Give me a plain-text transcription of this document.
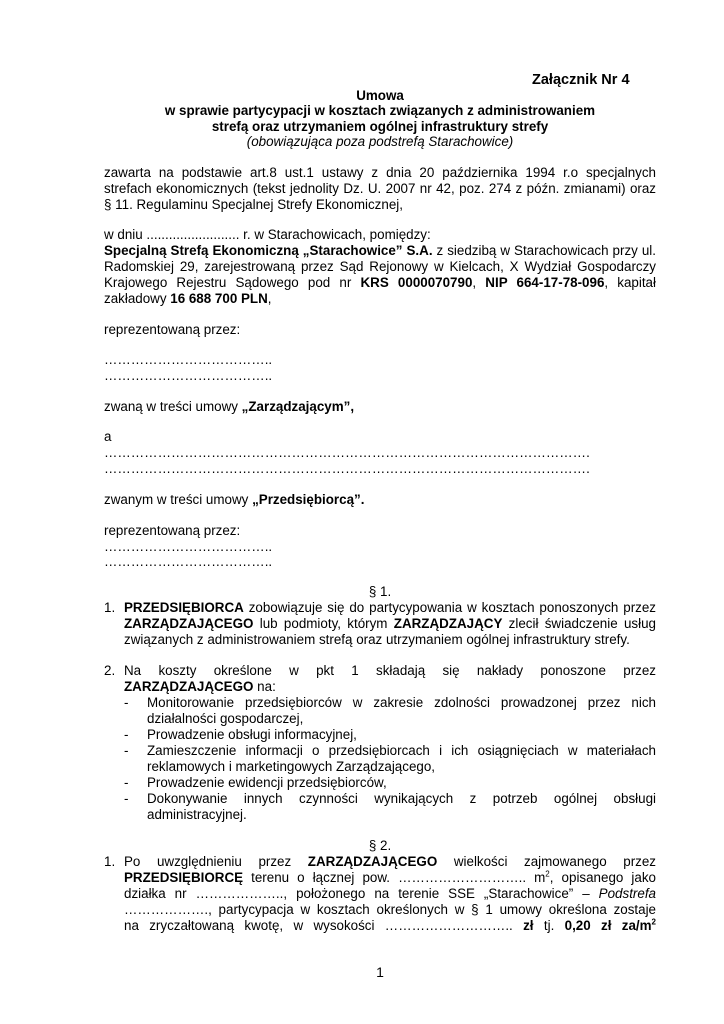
Załącznik Nr 4
Umowa
w sprawie partycypacji w kosztach związanych z administrowaniem
strefą oraz utrzymaniem ogólnej infrastruktury strefy
(obowiązująca poza podstrefą Starachowice)
zawarta na podstawie art.8 ust.1 ustawy z dnia 20 października 1994 r.o specjalnych
strefach ekonomicznych (tekst jednolity Dz. U. 2007 nr 42, poz. 274 z późn. zmianami) oraz
§ 11. Regulaminu Specjalnej Strefy Ekonomicznej,
w dniu ......................... r. w Starachowicach, pomiędzy:
Specjalną Strefą Ekonomiczną „Starachowice” S.A. z siedzibą w Starachowicach przy ul.
Radomskiej 29, zarejestrowaną przez Sąd Rejonowy w Kielcach, X Wydział Gospodarczy
Krajowego Rejestru Sądowego pod nr KRS 0000070790, NIP 664-17-78-096, kapitał
zakładowy 16 688 700 PLN,
reprezentowaną przez:
………………………………..
………………………………..
zwaną w treści umowy „Zarządzającym”,
a
……………………………………………………………………………………………….
……………………………………………………………………………………………….
zwanym w treści umowy „Przedsiębiorcą”.
reprezentowaną przez:
………………………………..
………………………………..
§ 1.
1. PRZEDSIĘBIORCA zobowiązuje się do partycypowania w kosztach ponoszonych przez
ZARZĄDZAJĄCEGO lub podmioty, którym ZARZĄDZAJĄCY zlecił świadczenie usług
związanych z administrowaniem strefą oraz utrzymaniem ogólnej infrastruktury strefy.
2. Na koszty określone w pkt 1 składają się nakłady ponoszone przez
ZARZĄDZAJĄCEGO na:
- Monitorowanie przedsiębiorców w zakresie zdolności prowadzonej przez nich
działalności gospodarczej,
- Prowadzenie obsługi informacyjnej,
- Zamieszczenie informacji o przedsiębiorcach i ich osiągnięciach w materiałach
reklamowych i marketingowych Zarządzającego,
- Prowadzenie ewidencji przedsiębiorców,
- Dokonywanie innych czynności wynikających z potrzeb ogólnej obsługi
administracyjnej.
§ 2.
1. Po uwzględnieniu przez ZARZĄDZAJĄCEGO wielkości zajmowanego przez
PRZEDSIĘBIORCĘ terenu o łącznej pow. ……………………….. $m^2$, opisanego jako
działka nr ……………….., położonego na terenie SSE „Starachowice” – Podstrefa
………………., partycypacja w kosztach określonych w § 1 umowy określona zostaje
na zryczałtowaną kwotę, w wysokości ……………………….. zł tj. 0,20 zł $za/m^2$
1
